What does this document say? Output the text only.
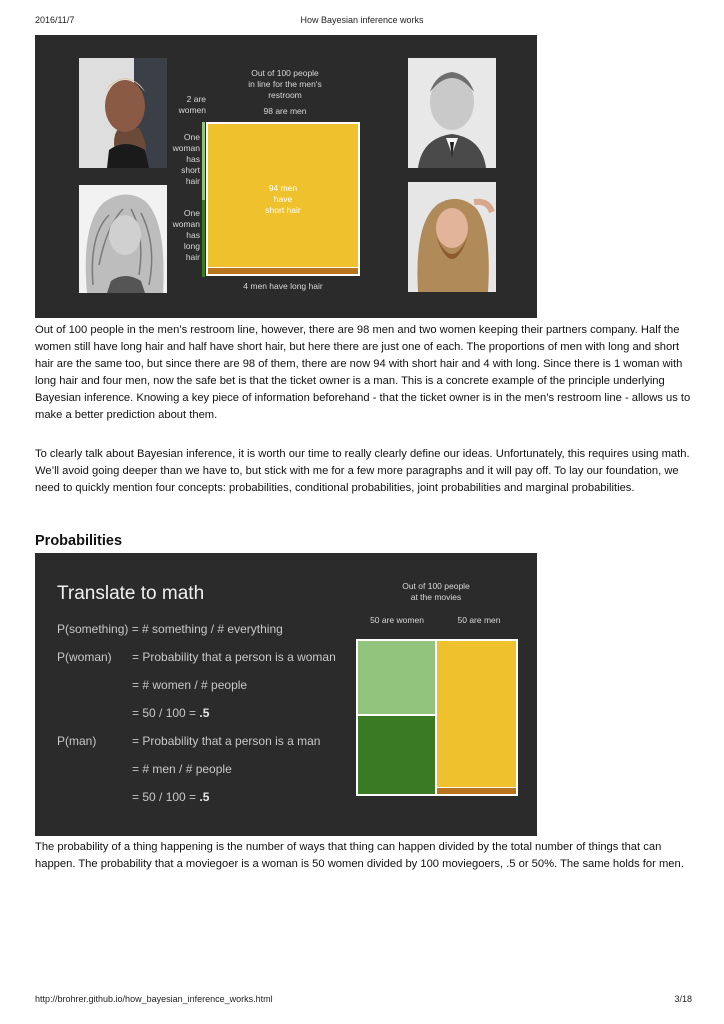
2016/11/7	How Bayesian inference works
Out of 100 people
in line for the men's
restroom
98 are men
2 are
women
One
woman
has
short
hair
One
woman
has
long
hair
94 men
have
short hair
4 men have long hair

Out of 100 people in the men’s restroom line, however, there are 98 men and two women keeping their partners company. Half the women still have long hair and half have short hair, but here there are just one of each. The proportions of men with long and short hair are the same too, but since there are 98 of them, there are now 94 with short hair and 4 with long. Since there is 1 woman with long hair and four men, now the safe bet is that the ticket owner is a man. This is a concrete example of the principle underlying Bayesian inference. Knowing a key piece of information beforehand - that the ticket owner is in the men’s restroom line - allows us to make a better prediction about them.

To clearly talk about Bayesian inference, it is worth our time to really clearly define our ideas. Unfortunately, this requires using math. We’ll avoid going deeper than we have to, but stick with me for a few more paragraphs and it will pay off. To lay our foundation, we need to quickly mention four concepts: probabilities, conditional probabilities, joint probabilities and marginal probabilities.

Probabilities
Translate to math
P(something) = # something / # everything
P(woman) = Probability that a person is a woman
= # women / # people
= 50 / 100 = .5
P(man)	= Probability that a person is a man
= # men / # people
= 50 / 100 = .5
Out of 100 people
at the movies
50 are women	50 are men

The probability of a thing happening is the number of ways that thing can happen divided by the total number of things that can happen. The probability that a moviegoer is a woman is 50 women divided by 100 moviegoers, .5 or 50%. The same holds for men.

http://brohrer.github.io/how_bayesian_inference_works.html	3/18
